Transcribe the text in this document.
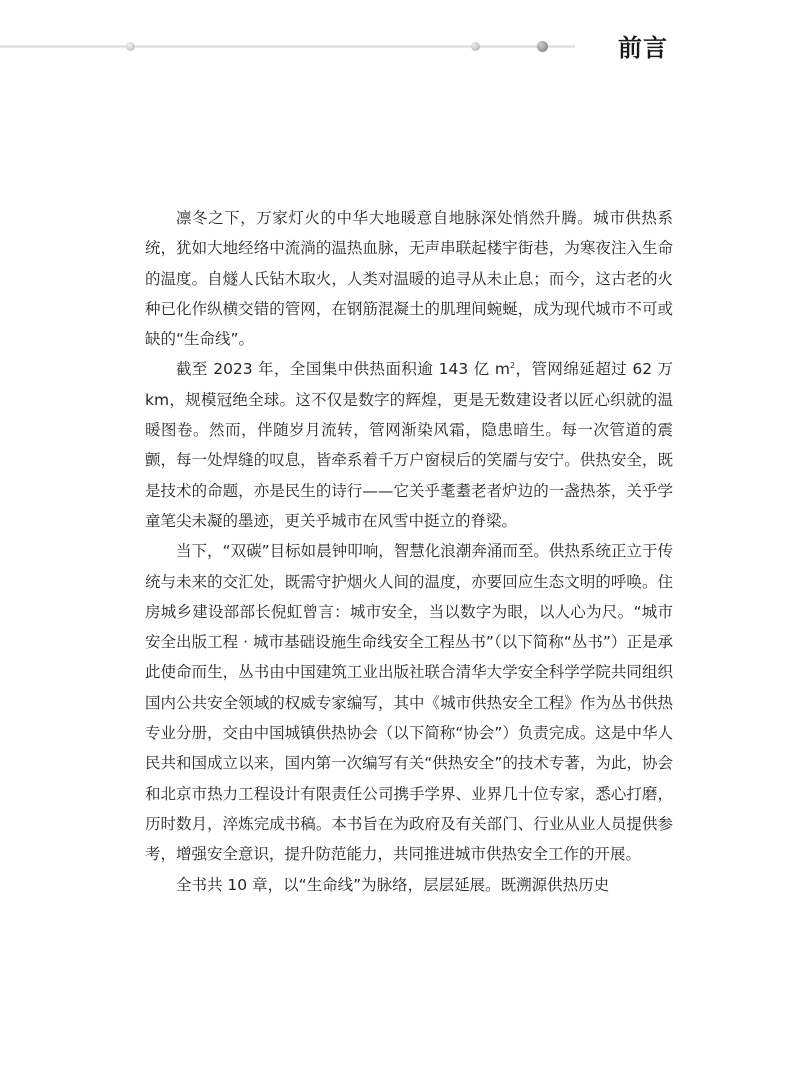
前言

凛冬之下，万家灯火的中华大地暖意自地脉深处悄然升腾。城市供热系统，犹如大地经络中流淌的温热血脉，无声串联起楼宇街巷，为寒夜注入生命的温度。自燧人氏钻木取火，人类对温暖的追寻从未止息；而今，这古老的火种已化作纵横交错的管网，在钢筋混凝土的肌理间蜿蜒，成为现代城市不可或缺的“生命线”。

截至 2023 年，全国集中供热面积逾 143 亿 $m^2$，管网绵延超过 62 万 km，规模冠绝全球。这不仅是数字的辉煌，更是无数建设者以匠心织就的温暖图卷。然而，伴随岁月流转，管网渐染风霜，隐患暗生。每一次管道的震颤，每一处焊缝的叹息，皆牵系着千万户窗棂后的笑靥与安宁。供热安全，既是技术的命题，亦是民生的诗行——它关乎耄耋老者炉边的一盏热茶，关乎学童笔尖未凝的墨迹，更关乎城市在风雪中挺立的脊梁。

当下，“双碳”目标如晨钟叩响，智慧化浪潮奔涌而至。供热系统正立于传统与未来的交汇处，既需守护烟火人间的温度，亦要回应生态文明的呼唤。住房城乡建设部部长倪虹曾言：城市安全，当以数字为眼，以人心为尺。“城市安全出版工程 · 城市基础设施生命线安全工程丛书”（以下简称“丛书”）正是承此使命而生，丛书由中国建筑工业出版社联合清华大学安全科学学院共同组织国内公共安全领域的权威专家编写，其中《城市供热安全工程》作为丛书供热专业分册，交由中国城镇供热协会（以下简称“协会”）负责完成。这是中华人民共和国成立以来，国内第一次编写有关“供热安全”的技术专著，为此，协会和北京市热力工程设计有限责任公司携手学界、业界几十位专家，悉心打磨，历时数月，淬炼完成书稿。本书旨在为政府及有关部门、行业从业人员提供参考，增强安全意识，提升防范能力，共同推进城市供热安全工作的开展。

全书共 10 章，以“生命线”为脉络，层层延展。既溯源供热历史
